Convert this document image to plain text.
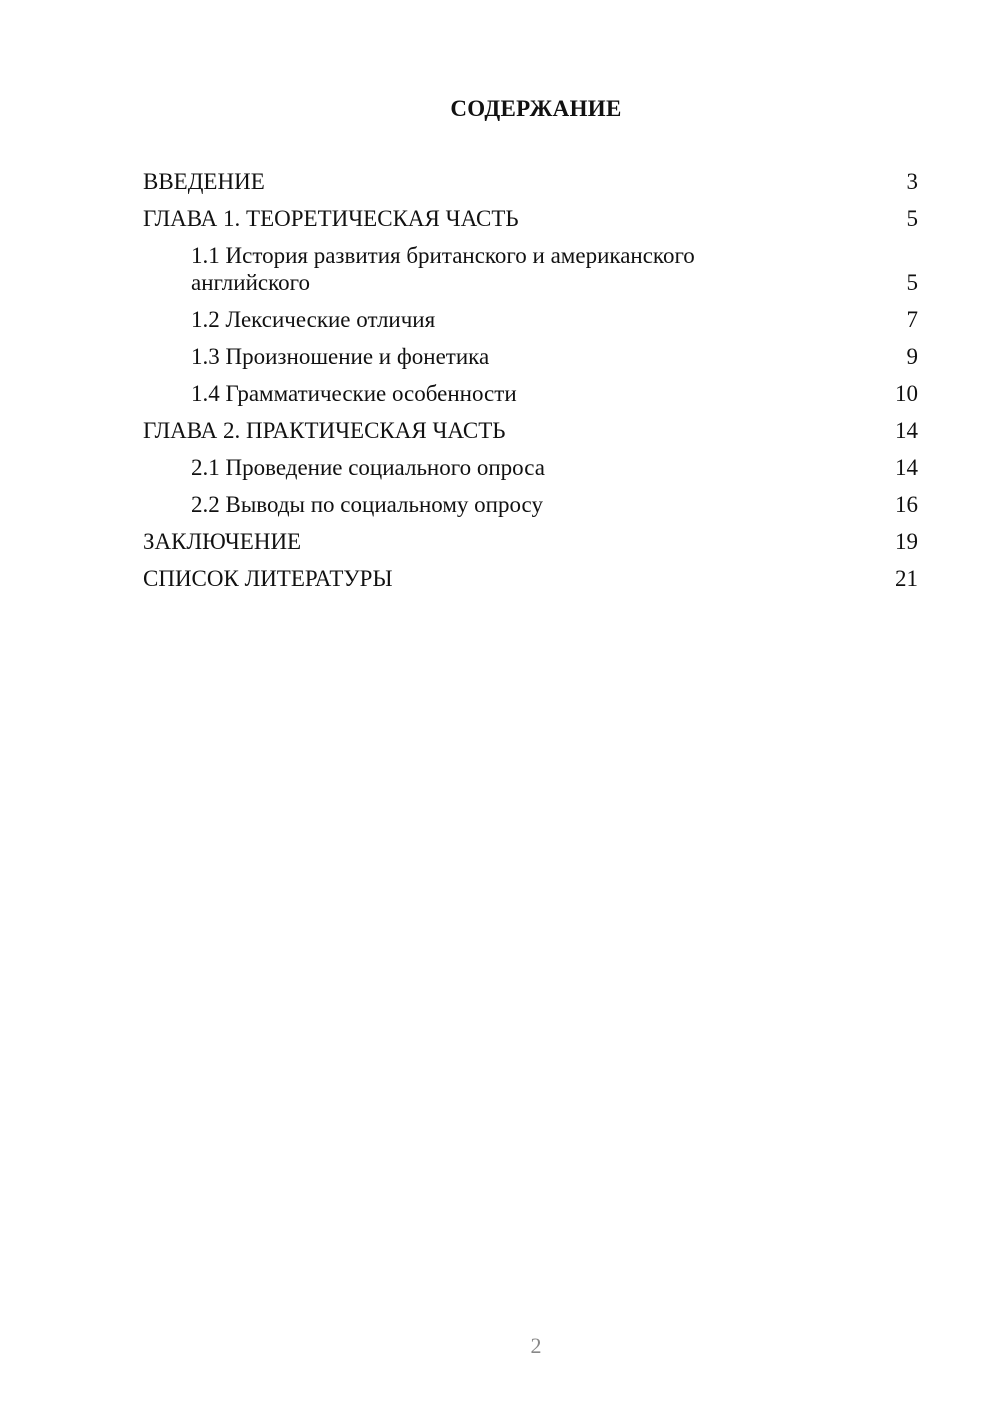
СОДЕРЖАНИЕ
ВВЕДЕНИЕ	3
ГЛАВА 1. ТЕОРЕТИЧЕСКАЯ ЧАСТЬ	5
1.1 История развития британского и американского английского	5
1.2 Лексические отличия	7
1.3 Произношение и фонетика	9
1.4 Грамматические особенности	10
ГЛАВА 2. ПРАКТИЧЕСКАЯ ЧАСТЬ	14
2.1 Проведение социального опроса	14
2.2 Выводы по социальному опросу	16
ЗАКЛЮЧЕНИЕ	19
СПИСОК ЛИТЕРАТУРЫ	21
2
